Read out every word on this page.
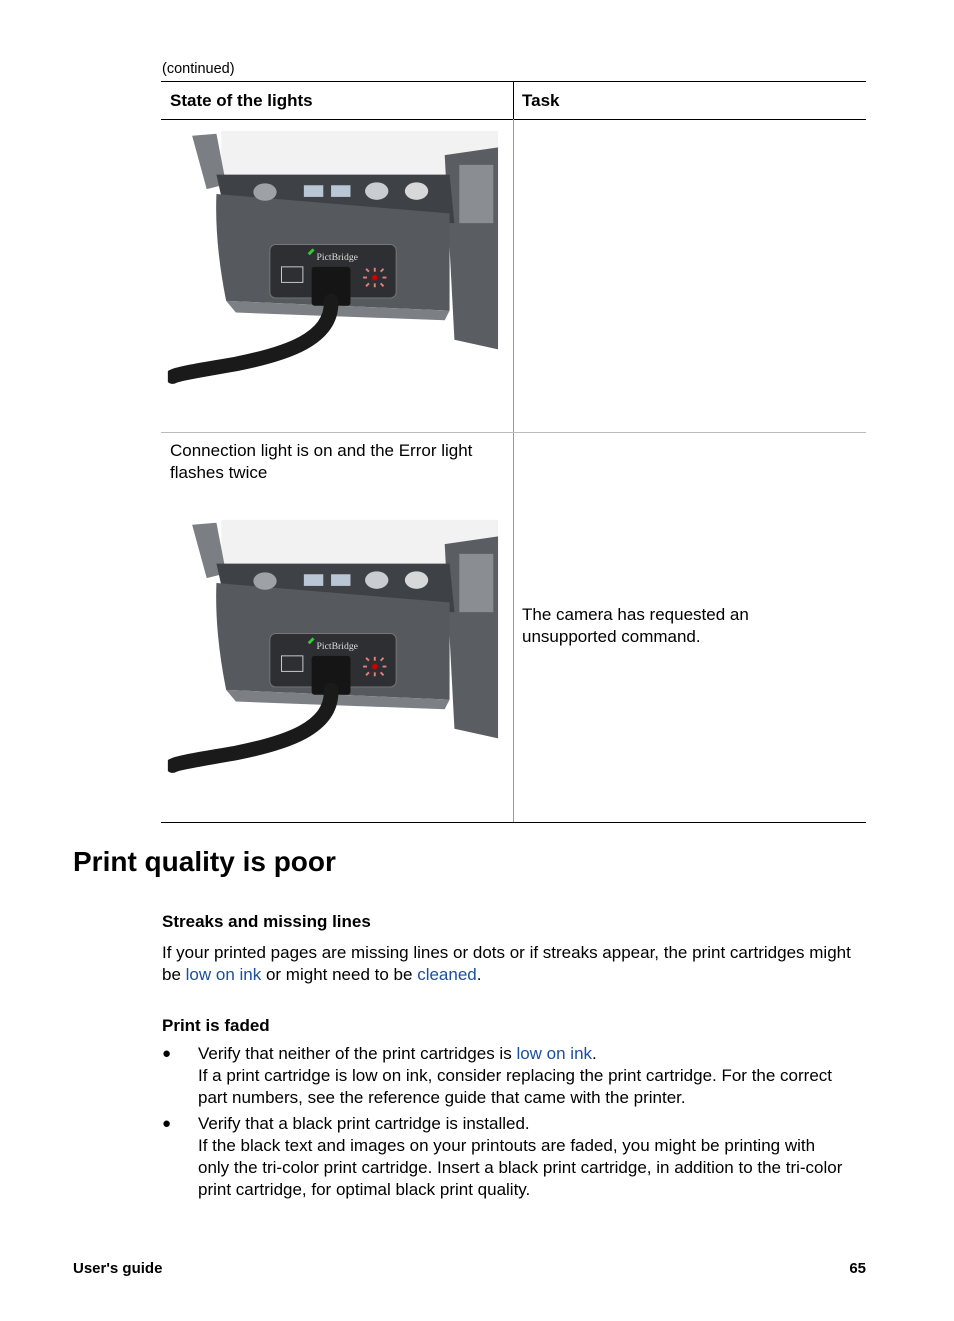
(continued)
State of the lights	Task
PictBridge
Connection light is on and the Error light flashes twice
PictBridge
The camera has requested an unsupported command.
Print quality is poor
Streaks and missing lines

If your printed pages are missing lines or dots or if streaks appear, the print cartridges might be low on ink or might need to be cleaned.

Print is faded
● Verify that neither of the print cartridges is low on ink.
If a print cartridge is low on ink, consider replacing the print cartridge. For the correct part numbers, see the reference guide that came with the printer.

● Verify that a black print cartridge is installed.
If the black text and images on your printouts are faded, you might be printing with only the tri-color print cartridge. Insert a black print cartridge, in addition to the tri-color print cartridge, for optimal black print quality.

User's guide	65
